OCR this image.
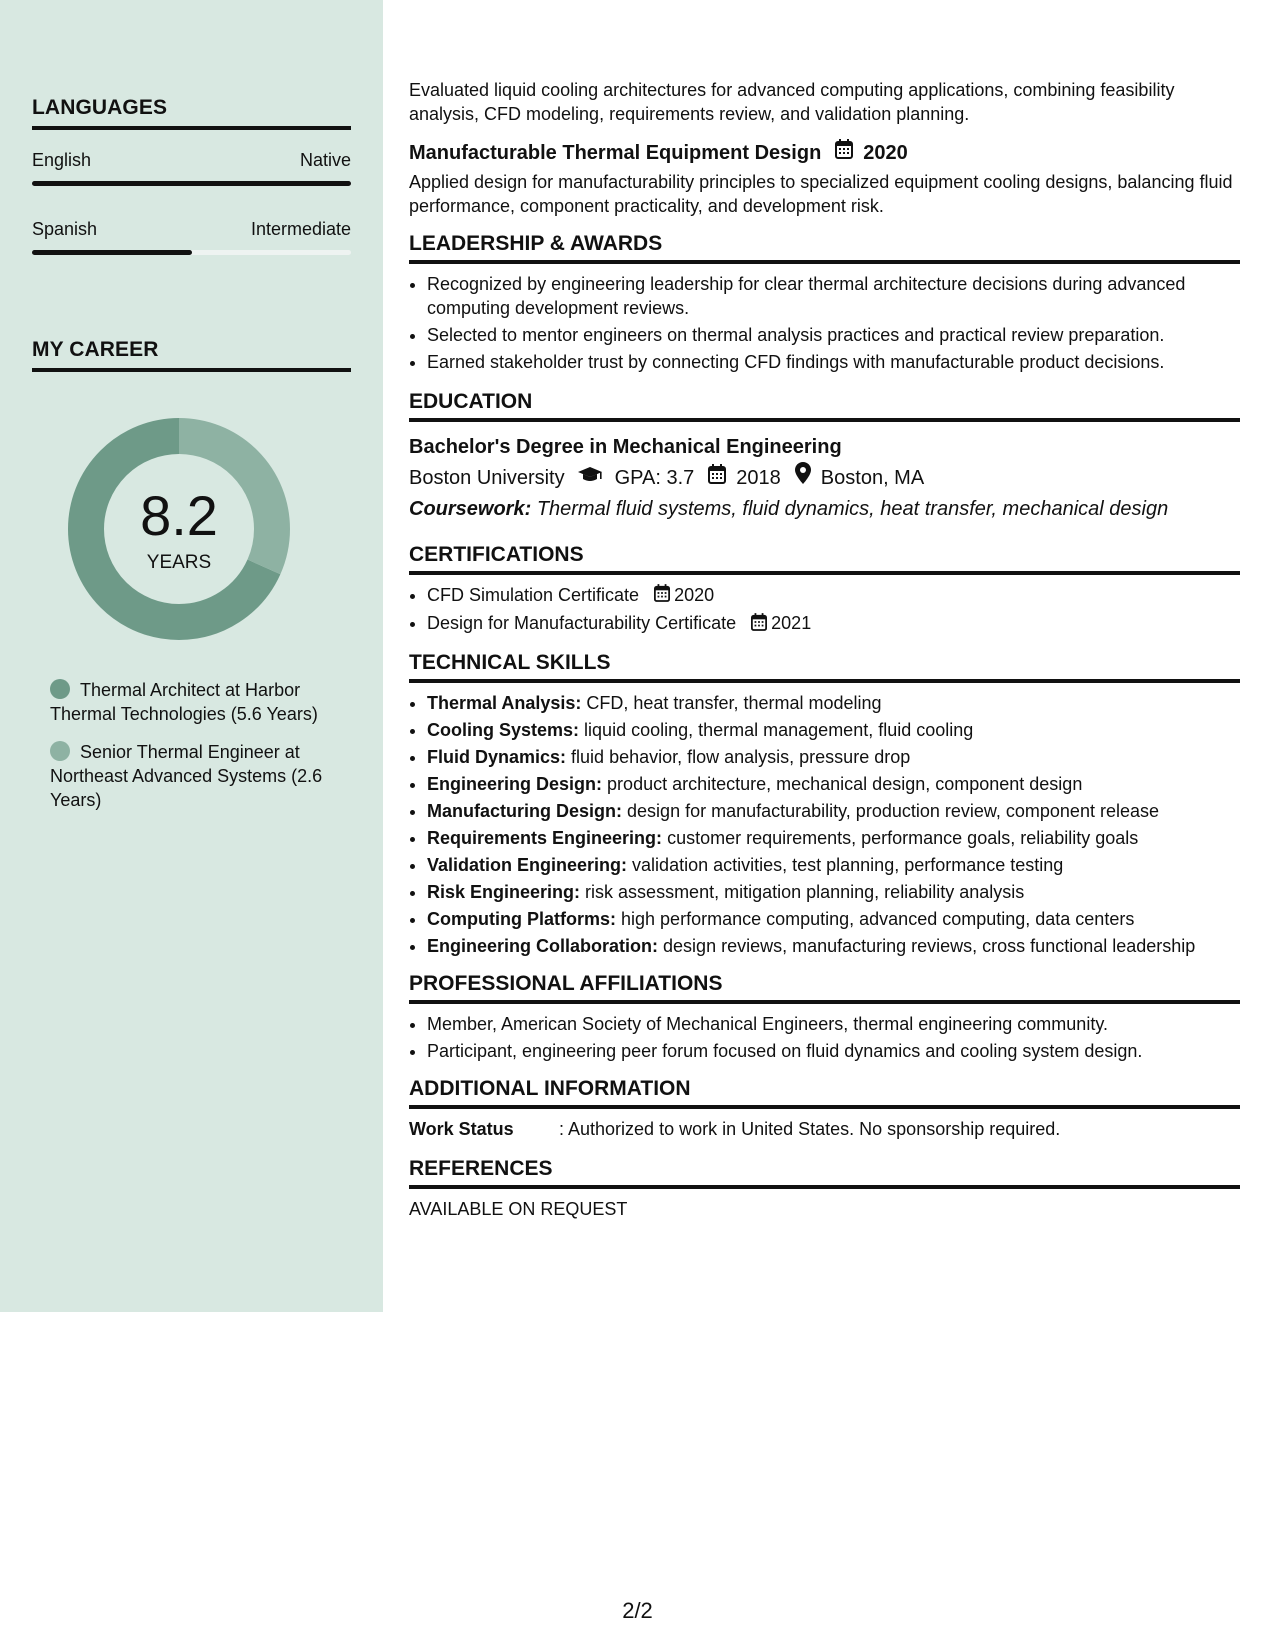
LANGUAGES
English	Native
Spanish	Intermediate
MY CAREER
8.2
YEARS
Thermal Architect at Harbor Thermal Technologies (5.6 Years)
Senior Thermal Engineer at Northeast Advanced Systems (2.6 Years)

Evaluated liquid cooling architectures for advanced computing applications, combining feasibility analysis, CFD modeling, requirements review, and validation planning.

Manufacturable Thermal Equipment Design 2020

Applied design for manufacturability principles to specialized equipment cooling designs, balancing fluid performance, component practicality, and development risk.

LEADERSHIP & AWARDS
• Recognized by engineering leadership for clear thermal architecture decisions during advanced computing development reviews.
• Selected to mentor engineers on thermal analysis practices and practical review preparation.
• Earned stakeholder trust by connecting CFD findings with manufacturable product decisions.
EDUCATION
Bachelor's Degree in Mechanical Engineering
Boston University	GPA: 3.7 2018 Boston, MA
Coursework: Thermal fluid systems, fluid dynamics, heat transfer, mechanical design
CERTIFICATIONS
• CFD Simulation Certificate 2020
• Design for Manufacturability Certificate 2021
TECHNICAL SKILLS
• Thermal Analysis: CFD, heat transfer, thermal modeling
• Cooling Systems: liquid cooling, thermal management, fluid cooling
• Fluid Dynamics: fluid behavior, flow analysis, pressure drop
• Engineering Design: product architecture, mechanical design, component design
• Manufacturing Design: design for manufacturability, production review, component release
• Requirements Engineering: customer requirements, performance goals, reliability goals
• Validation Engineering: validation activities, test planning, performance testing
• Risk Engineering: risk assessment, mitigation planning, reliability analysis
• Computing Platforms: high performance computing, advanced computing, data centers
• Engineering Collaboration: design reviews, manufacturing reviews, cross functional leadership
PROFESSIONAL AFFILIATIONS
• Member, American Society of Mechanical Engineers, thermal engineering community.
• Participant, engineering peer forum focused on fluid dynamics and cooling system design.
ADDITIONAL INFORMATION
Work Status	: Authorized to work in United States. No sponsorship required.
REFERENCES

AVAILABLE ON REQUEST

2/2
